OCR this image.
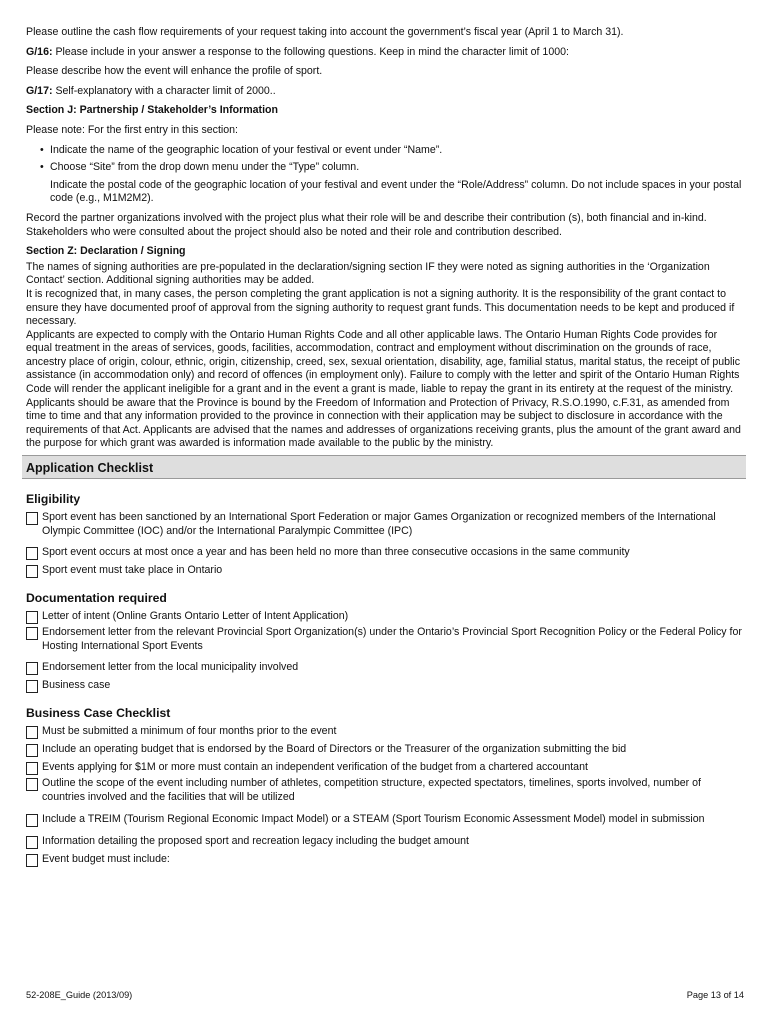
Please outline the cash flow requirements of your request taking into account the government’s fiscal year (April 1 to March 31).

G/16: Please include in your answer a response to the following questions. Keep in mind the character limit of 1000:

Please describe how the event will enhance the profile of sport.

G/17: Self-explanatory with a character limit of 2000..

Section J: Partnership / Stakeholder’s Information

Please note: For the first entry in this section:

• Indicate the name of the geographic location of your festival or event under “Name”.
• Choose “Site” from the drop down menu under the “Type” column.

Indicate the postal code of the geographic location of your festival and event under the “Role/Address” column. Do not include spaces in your postal code (e.g., M1M2M2).

Record the partner organizations involved with the project plus what their role will be and describe their contribution (s), both financial and in-kind. Stakeholders who were consulted about the project should also be noted and their role and contribution described.

Section Z: Declaration / Signing

The names of signing authorities are pre-populated in the declaration/signing section IF they were noted as signing authorities in the ‘Organization Contact’ section. Additional signing authorities may be added.

It is recognized that, in many cases, the person completing the grant application is not a signing authority. It is the responsibility of the grant contact to ensure they have documented proof of approval from the signing authority to request grant funds. This documentation needs to be kept and produced if necessary.

Applicants are expected to comply with the Ontario Human Rights Code and all other applicable laws. The Ontario Human Rights Code provides for equal treatment in the areas of services, goods, facilities, accommodation, contract and employment without discrimination on the grounds of race, ancestry place of origin, colour, ethnic, origin, citizenship, creed, sex, sexual orientation, disability, age, familial status, marital status, the receipt of public assistance (in accommodation only) and record of offences (in employment only). Failure to comply with the letter and spirit of the Ontario Human Rights Code will render the applicant ineligible for a grant and in the event a grant is made, liable to repay the grant in its entirety at the request of the ministry.

Applicants should be aware that the Province is bound by the Freedom of Information and Protection of Privacy, R.S.O.1990, c.F.31, as amended from time to time and that any information provided to the province in connection with their application may be subject to disclosure in accordance with the requirements of that Act. Applicants are advised that the names and addresses of organizations receiving grants, plus the amount of the grant award and the purpose for which grant was awarded is information made available to the public by the ministry.

Application Checklist
Eligibility
Sport event has been sanctioned by an International Sport Federation or major Games Organization or recognized members of the International Olympic Committee (IOC) and/or the International Paralympic Committee (IPC)
Sport event occurs at most once a year and has been held no more than three consecutive occasions in the same community
Sport event must take place in Ontario
Documentation required
Letter of intent (Online Grants Ontario Letter of Intent Application)
Endorsement letter from the relevant Provincial Sport Organization(s) under the Ontario’s Provincial Sport Recognition Policy or the Federal Policy for Hosting International Sport Events
Endorsement letter from the local municipality involved
Business case
Business Case Checklist
Must be submitted a minimum of four months prior to the event
Include an operating budget that is endorsed by the Board of Directors or the Treasurer of the organization submitting the bid
Events applying for $1M or more must contain an independent verification of the budget from a chartered accountant
Outline the scope of the event including number of athletes, competition structure, expected spectators, timelines, sports involved, number of countries involved and the facilities that will be utilized
Include a TREIM (Tourism Regional Economic Impact Model) or a STEAM (Sport Tourism Economic Assessment Model) model in submission
Information detailing the proposed sport and recreation legacy including the budget amount
Event budget must include:
52-208E_Guide (2013/09)	Page 13 of 14
